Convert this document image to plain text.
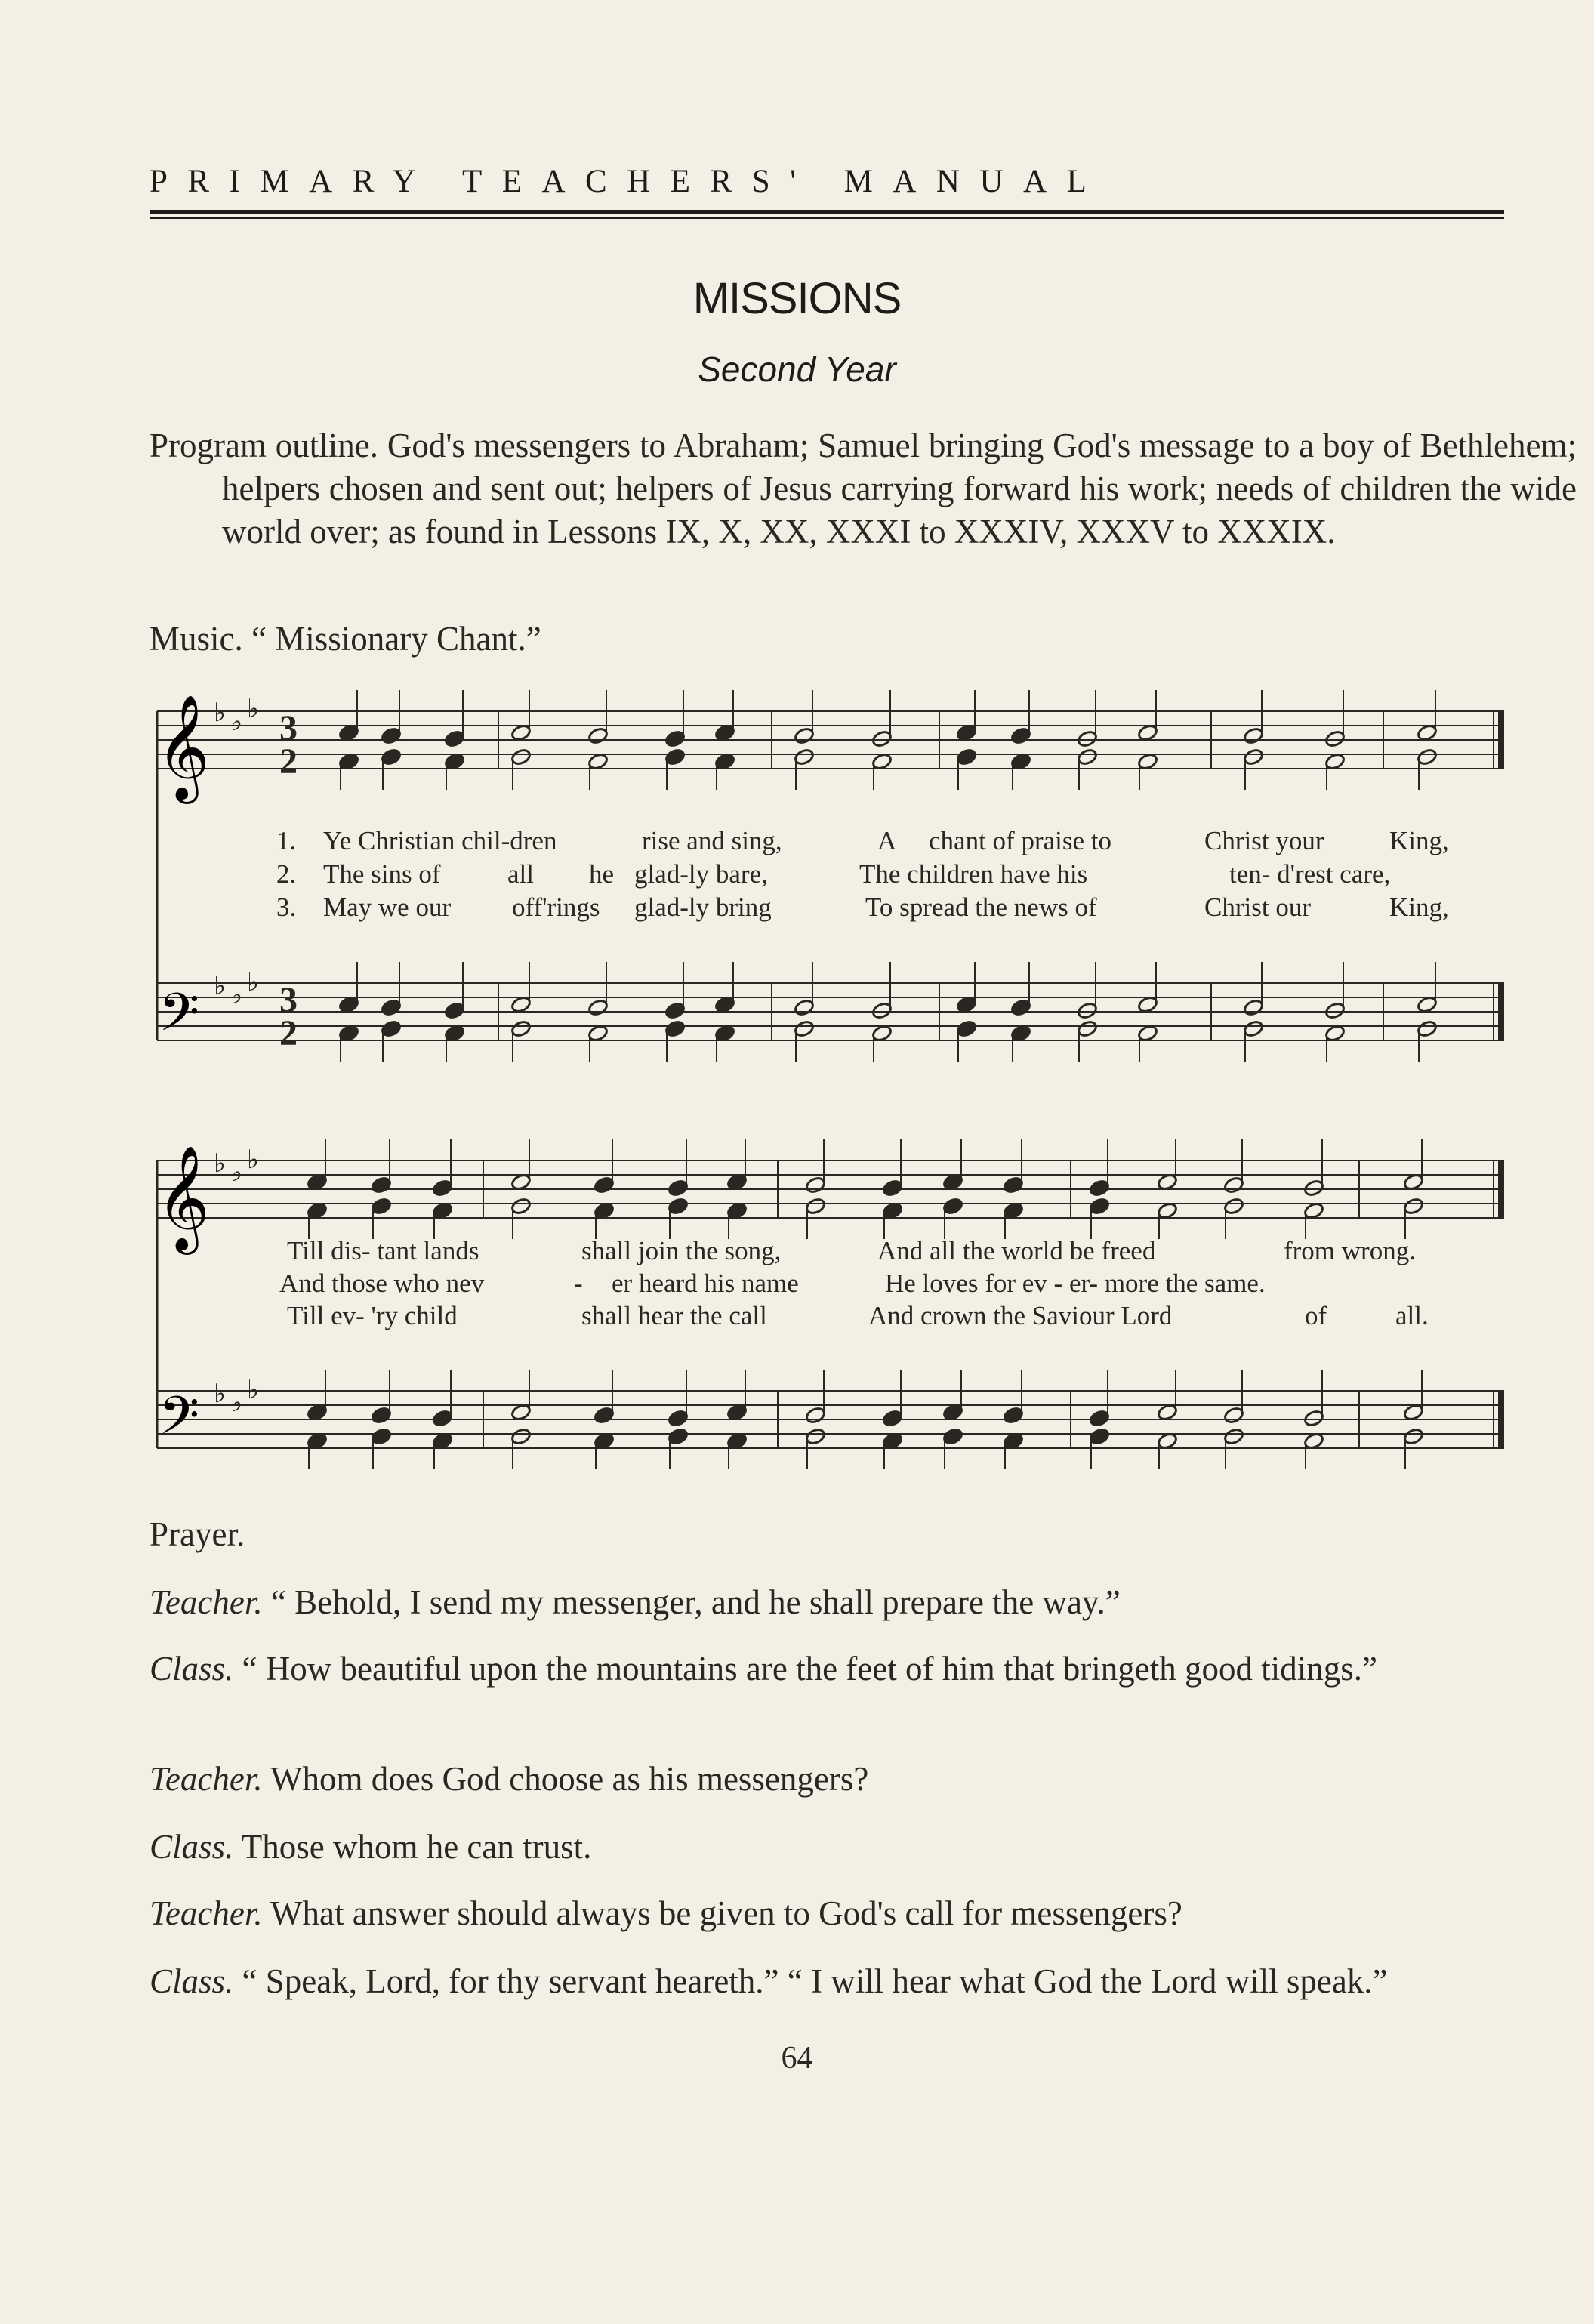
PRIMARY TEACHERS' MANUAL
MISSIONS
Second Year
Program outline. God's messengers to Abraham; Samuel bringing God's message to a boy of Bethlehem; helpers chosen and sent out; helpers of Jesus carrying forward his work; needs of children the wide world over; as found in Lessons IX, X, XX, XXXI to XXXIV, XXXV to XXXIX.
Music. “ Missionary Chant.”
𝄞
𝄢
𝄞
𝄢
♭ ♭ ♭
♭ ♭ ♭
♭ ♭ ♭
♭ ♭ ♭
3
2
3
2
1. Ye Christian chil-dren	rise and sing,	A chant of praise to	Christ your King,
2. The sins of	all he glad-ly bare,	The children have his	ten- d'rest care,
3. May we our off'rings glad-ly bring	To spread the news of	Christ our	King,
Till dis- tant lands	shall join the song,	And all the world be freed	from wrong.
And those who nev	- er heard his name	He loves for ev - er- more the same.
Till ev- 'ry child	shall hear the call	And crown the Saviour Lord	of	all.
Prayer.
Teacher. “ Behold, I send my messenger, and he shall prepare the way.”
Class. “ How beautiful upon the mountains are the feet of him that bringeth good tidings.”
Teacher. Whom does God choose as his messengers?
Class. Those whom he can trust.
Teacher. What answer should always be given to God's call for messengers?
Class. “ Speak, Lord, for thy servant heareth.” “ I will hear what God the Lord will speak.”
64
